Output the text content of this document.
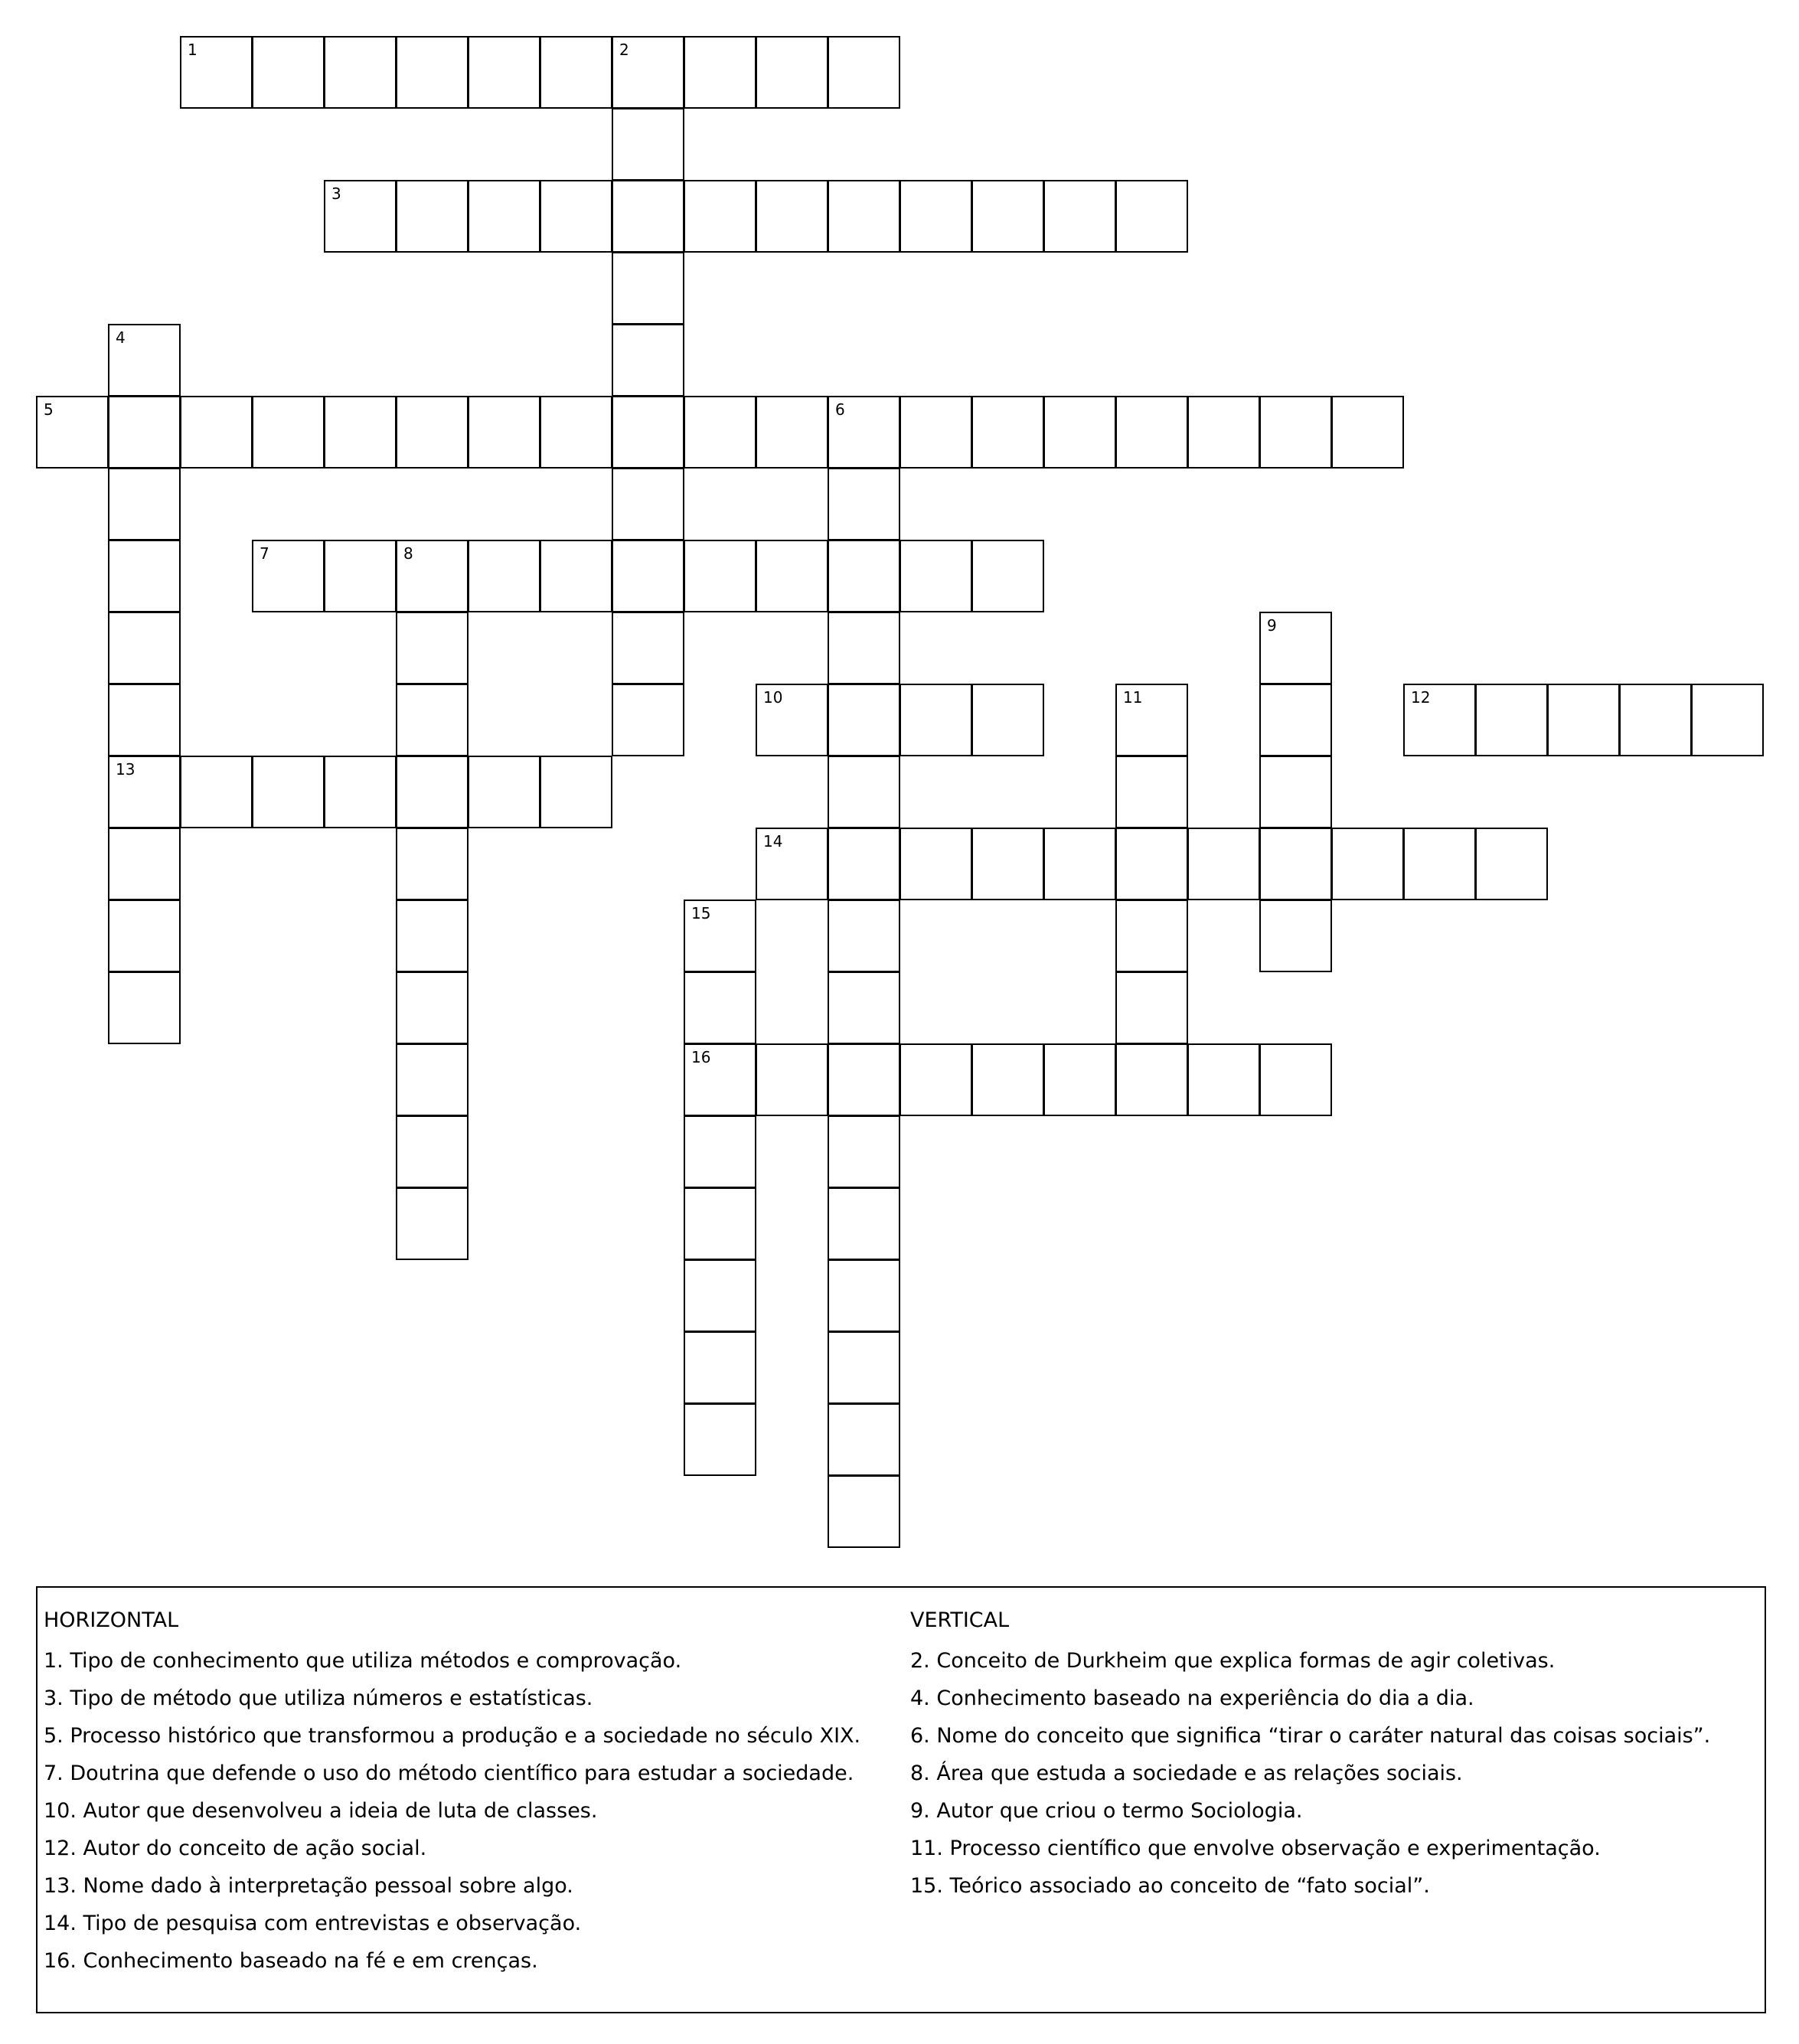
1	2
3
4
13
5	6
7	8
9
10	11	12
14
15
16
HORIZONTAL
1. Tipo de conhecimento que utiliza métodos e comprovação.
3. Tipo de método que utiliza números e estatísticas.
5. Processo histórico que transformou a produção e a sociedade no século XIX.
7. Doutrina que defende o uso do método científico para estudar a sociedade.
10. Autor que desenvolveu a ideia de luta de classes.
12. Autor do conceito de ação social.
13. Nome dado à interpretação pessoal sobre algo.
14. Tipo de pesquisa com entrevistas e observação.
16. Conhecimento baseado na fé e em crenças.
VERTICAL
2. Conceito de Durkheim que explica formas de agir coletivas.
4. Conhecimento baseado na experiência do dia a dia.
6. Nome do conceito que significa “tirar o caráter natural das coisas sociais”.
8. Área que estuda a sociedade e as relações sociais.
9. Autor que criou o termo Sociologia.
11. Processo científico que envolve observação e experimentação.
15. Teórico associado ao conceito de “fato social”.
